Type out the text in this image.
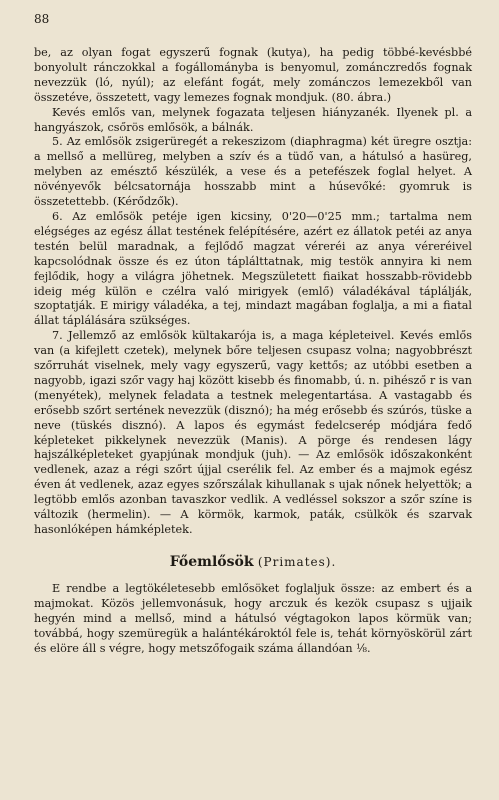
88

be, az olyan fogat egyszerű fognak (kutya), ha pedig többé-kevésbbé bonyolult ránczokkal a fogállományba is benyomul, zománczredős fognak nevezzük (ló, nyúl); az elefánt fogát, mely zománczos lemezekből van összetéve, összetett, vagy lemezes fognak mondjuk. (80. ábra.)

Kevés emlős van, melynek fogazata teljesen hiányzanék. Ilyenek pl. a hangyászok, csőrös emlősök, a bálnák.

5. Az emlősök zsigerüregét a rekeszizom (diaphragma) két üregre osztja: a mellső a mellüreg, melyben a szív és a tüdő van, a hátulsó a hasüreg, melyben az emésztő készülék, a vese és a petefészek foglal helyet. A növényevők bélcsatornája hosszabb mint a húsevőké: gyomruk is összetettebb. (Kérődzők).

6. Az emlősök petéje igen kicsiny, 0'20—0'25 mm.; tartalma nem elégséges az egész állat testének felépítésére, azért ez állatok petéi az anya testén belül maradnak, a fejlődő magzat véreréi az anya véreréivel kapcsolódnak össze és ez úton táplálttatnak, mig testök annyira ki nem fejlődik, hogy a világra jöhetnek. Megszületett fiaikat hosszabb-rövidebb ideig még külön e czélra való mirigyek (emlő) váladékával táplálják, szoptatják. E mirigy váladéka, a tej, mindazt magában foglalja, a mi a fiatal állat táplálására szükséges.

7. Jellemző az emlősök kültakarója is, a maga képleteivel. Kevés emlős van (a kifejlett czetek), melynek bőre teljesen csupasz volna; nagyobbrészt szőrruhát viselnek, mely vagy egyszerű, vagy kettős; az utóbbi esetben a nagyobb, igazi szőr vagy haj között kisebb és finomabb, ú. n. pihésző r is van (menyétek), melynek feladata a testnek melegentartása. A vastagabb és erősebb szőrt sertének nevezzük (disznó); ha még erősebb és szúrós, tüske a neve (tüskés disznó). A lapos és egymást fedelcserép módjára fedő képleteket pikkelynek nevezzük (Manis). A pörge és rendesen lágy hajszálképleteket gyapjúnak mondjuk (juh). — Az emlősök időszakonként vedlenek, azaz a régi szőrt újjal cserélik fel. Az ember és a majmok egész éven át vedlenek, azaz egyes szőrszálak kihullanak s ujak nőnek helyettök; a legtöbb emlős azonban tavaszkor vedlik. A vedléssel sokszor a szőr színe is változik (hermelin). — A körmök, karmok, paták, csülkök és szarvak hasonlóképen hámképletek.

Főemlősök (Primates).

E rendbe a legtökéletesebb emlősöket foglaljuk össze: az embert és a majmokat. Közös jellemvonásuk, hogy arczuk és kezök csupasz s ujjaik hegyén mind a mellső, mind a hátulsó végtagokon lapos körmük van; továbbá, hogy szemüregük a halántékároktól fele is, tehát környöskörül zárt és elöre áll s végre, hogy metszőfogaik száma állandóan ⅛.
